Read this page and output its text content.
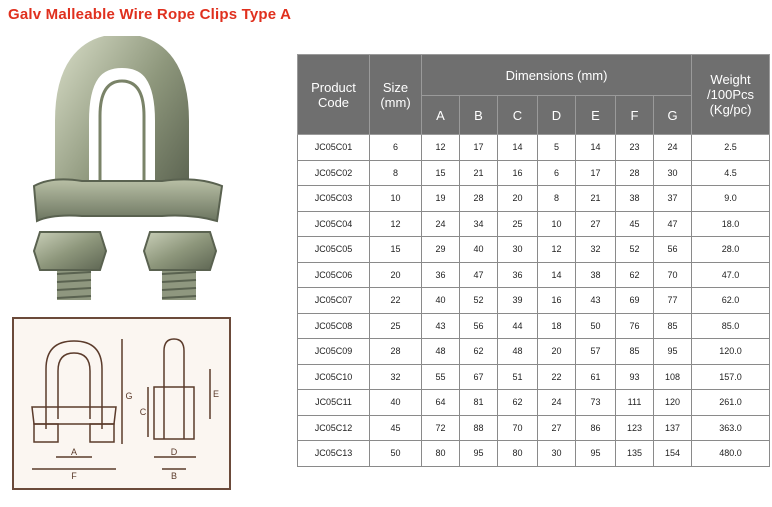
Galv Malleable Wire Rope Clips Type A
A
F
G
D
B
C
E
Product Code	Size (mm)	Dimensions (mm)							Weight /100Pcs (Kg/pc)
		A	B	C	D	E	F	G	
JC05C01	6	12	17	14	5	14	23	24	2.5
JC05C02	8	15	21	16	6	17	28	30	4.5
JC05C03	10	19	28	20	8	21	38	37	9.0
JC05C04	12	24	34	25	10	27	45	47	18.0
JC05C05	15	29	40	30	12	32	52	56	28.0
JC05C06	20	36	47	36	14	38	62	70	47.0
JC05C07	22	40	52	39	16	43	69	77	62.0
JC05C08	25	43	56	44	18	50	76	85	85.0
JC05C09	28	48	62	48	20	57	85	95	120.0
JC05C10	32	55	67	51	22	61	93	108	157.0
JC05C11	40	64	81	62	24	73	111	120	261.0
JC05C12	45	72	88	70	27	86	123	137	363.0
JC05C13	50	80	95	80	30	95	135	154	480.0
